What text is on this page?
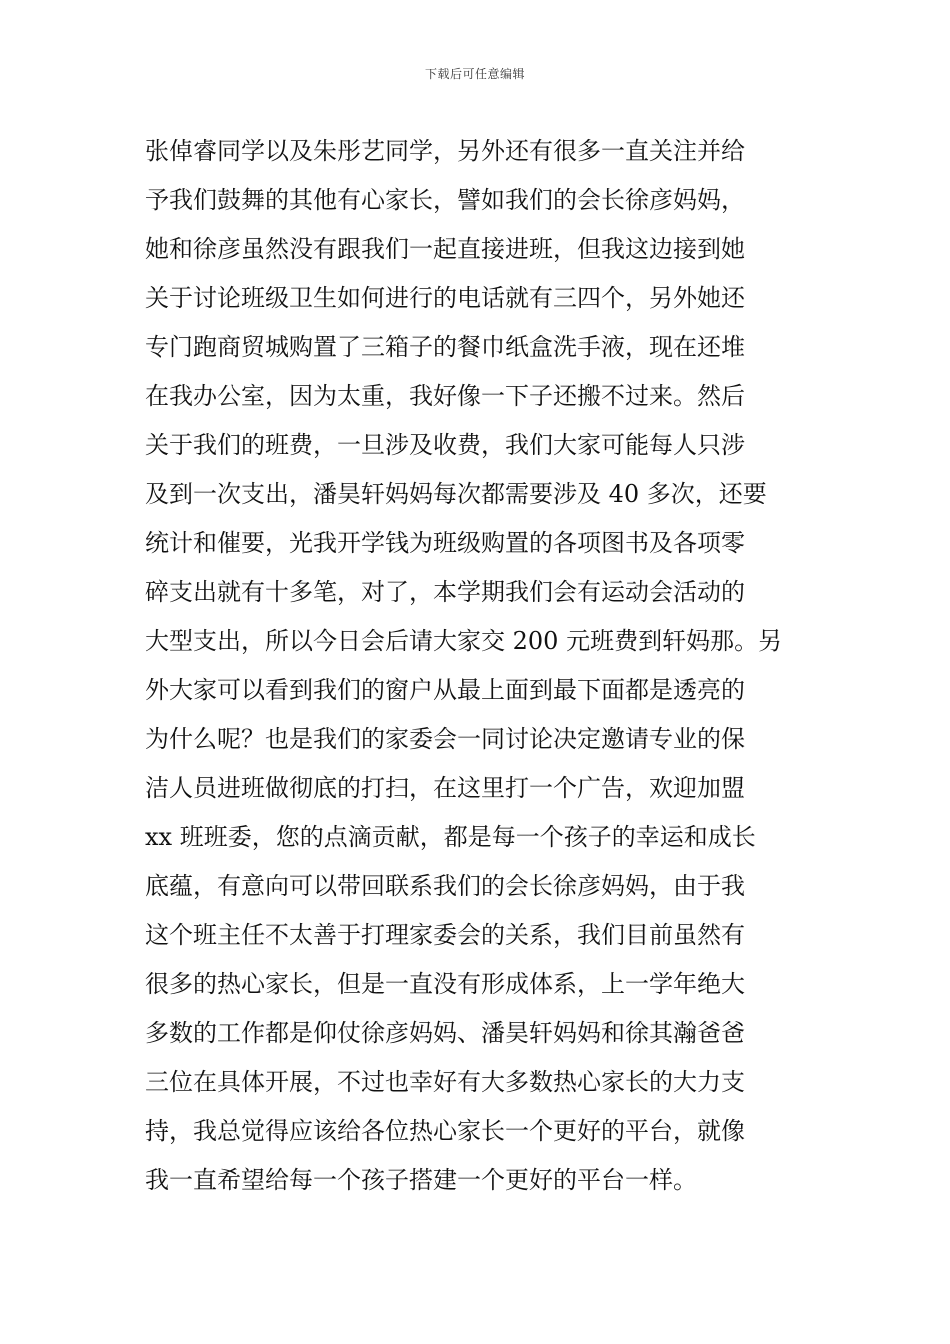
下载后可任意编辑
张倬睿同学以及朱彤艺同学，另外还有很多一直关注并给
予我们鼓舞的其他有心家长，譬如我们的会长徐彦妈妈，
她和徐彦虽然没有跟我们一起直接进班，但我这边接到她
关于讨论班级卫生如何进行的电话就有三四个，另外她还
专门跑商贸城购置了三箱子的餐巾纸盒洗手液，现在还堆
在我办公室，因为太重，我好像一下子还搬不过来。然后
关于我们的班费，一旦涉及收费，我们大家可能每人只涉
及到一次支出，潘昊轩妈妈每次都需要涉及 40 多次，还要
统计和催要，光我开学钱为班级购置的各项图书及各项零
碎支出就有十多笔，对了，本学期我们会有运动会活动的
大型支出，所以今日会后请大家交 200 元班费到轩妈那。另
外大家可以看到我们的窗户从最上面到最下面都是透亮的
为什么呢？也是我们的家委会一同讨论决定邀请专业的保
洁人员进班做彻底的打扫，在这里打一个广告，欢迎加盟
xx 班班委，您的点滴贡献，都是每一个孩子的幸运和成长
底蕴，有意向可以带回联系我们的会长徐彦妈妈，由于我
这个班主任不太善于打理家委会的关系，我们目前虽然有
很多的热心家长，但是一直没有形成体系，上一学年绝大
多数的工作都是仰仗徐彦妈妈、潘昊轩妈妈和徐其瀚爸爸
三位在具体开展，不过也幸好有大多数热心家长的大力支
持，我总觉得应该给各位热心家长一个更好的平台，就像
我一直希望给每一个孩子搭建一个更好的平台一样。
